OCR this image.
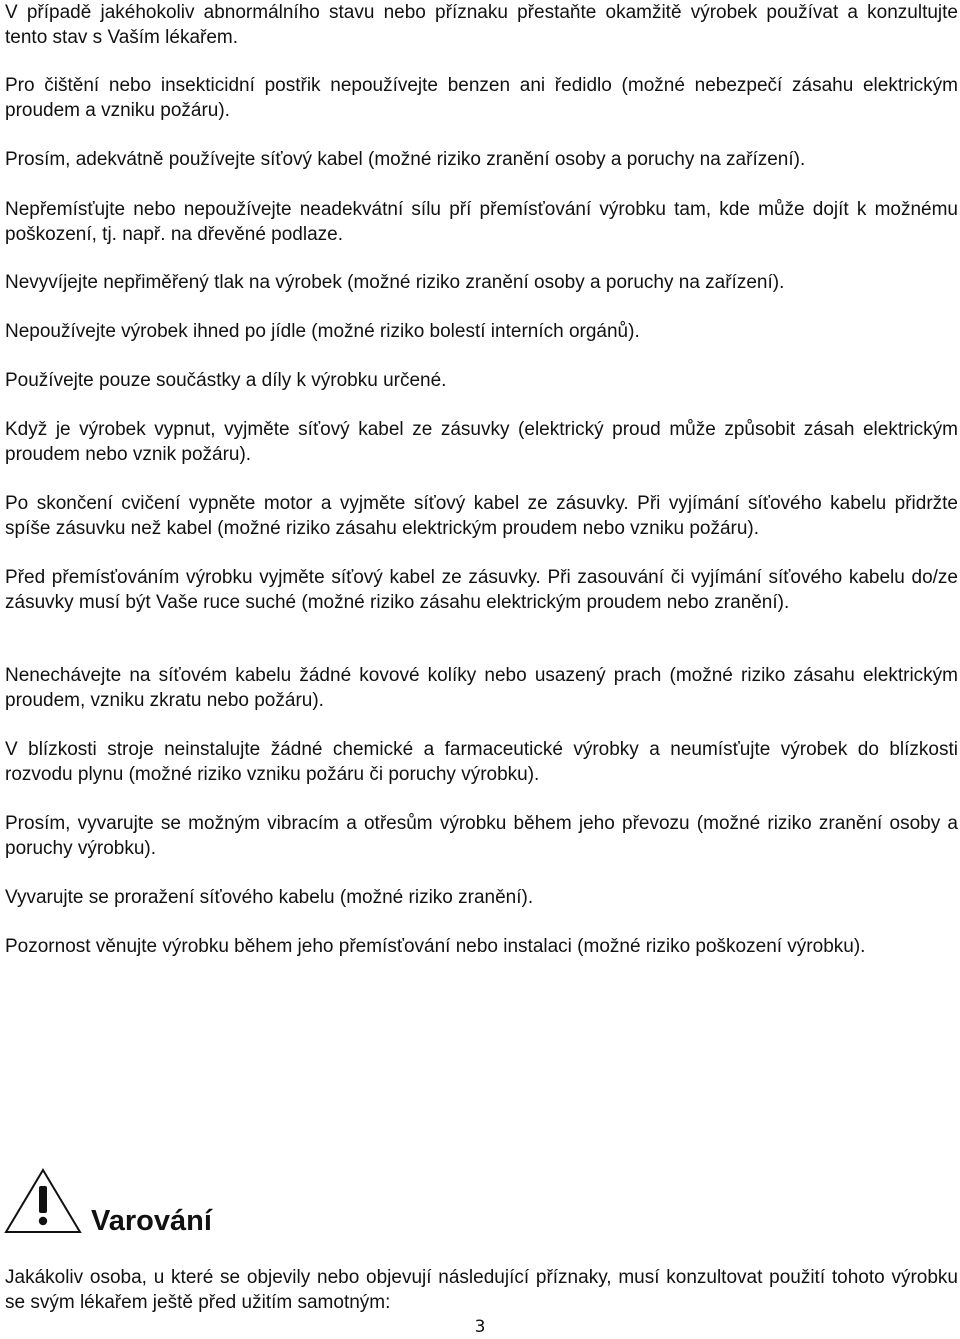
V případě jakéhokoliv abnormálního stavu nebo příznaku přestaňte okamžitě výrobek používat a konzultujte tento stav s Vaším lékařem.

Pro čištění nebo insekticidní postřik nepoužívejte benzen ani ředidlo (možné nebezpečí zásahu elektrickým proudem a vzniku požáru).

Prosím, adekvátně používejte síťový kabel (možné riziko zranění osoby a poruchy na zařízení).

Nepřemísťujte nebo nepoužívejte neadekvátní sílu pří přemísťování výrobku tam, kde může dojít k možnému poškození, tj. např. na dřevěné podlaze.

Nevyvíjejte nepřiměřený tlak na výrobek (možné riziko zranění osoby a poruchy na zařízení).

Nepoužívejte výrobek ihned po jídle (možné riziko bolestí interních orgánů).

Používejte pouze součástky a díly k výrobku určené.

Když je výrobek vypnut, vyjměte síťový kabel ze zásuvky (elektrický proud může způsobit zásah elektrickým proudem nebo vznik požáru).

Po skončení cvičení vypněte motor a vyjměte síťový kabel ze zásuvky. Při vyjímání síťového kabelu přidržte spíše zásuvku než kabel (možné riziko zásahu elektrickým proudem nebo vzniku požáru).

Před přemísťováním výrobku vyjměte síťový kabel ze zásuvky. Při zasouvání či vyjímání síťového kabelu do/ze zásuvky musí být Vaše ruce suché (možné riziko zásahu elektrickým proudem nebo zranění).

Nenechávejte na síťovém kabelu žádné kovové kolíky nebo usazený prach (možné riziko zásahu elektrickým proudem, vzniku zkratu nebo požáru).

V blízkosti stroje neinstalujte žádné chemické a farmaceutické výrobky a neumísťujte výrobek do blízkosti rozvodu plynu (možné riziko vzniku požáru či poruchy výrobku).

Prosím, vyvarujte se možným vibracím a otřesům výrobku během jeho převozu (možné riziko zranění osoby a poruchy výrobku).

Vyvarujte se proražení síťového kabelu (možné riziko zranění).

Pozornost věnujte výrobku během jeho přemísťování nebo instalaci (možné riziko poškození výrobku).

Varování

Jakákoliv osoba, u které se objevily nebo objevují následující příznaky, musí konzultovat použití tohoto výrobku se svým lékařem ještě před užitím samotným:

3
